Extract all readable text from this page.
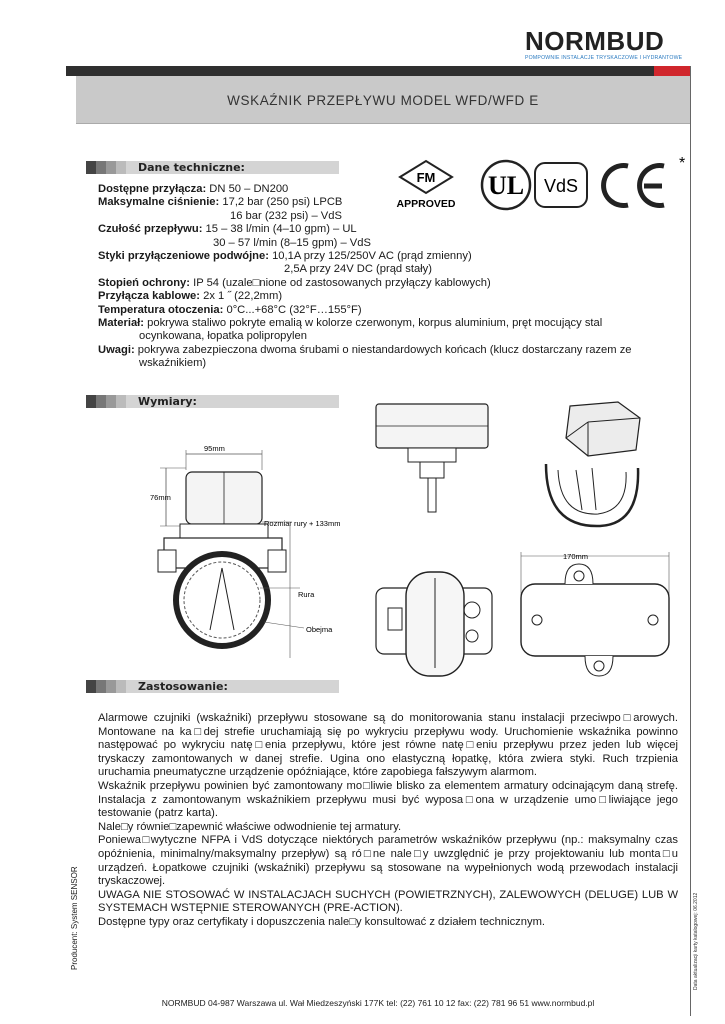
NORMBUD
POMPOWNIE INSTALACJE TRYSKACZOWE I HYDRANTOWE
WSKAŹNIK PRZEPŁYWU MODEL WFD/WFD E
Dane techniczne:
FM
APPROVED
UL VdS
*
Dostępne przyłącza: DN 50 – DN200
Maksymalne ciśnienie: 17,2 bar (250 psi) LPCB
16 bar (232 psi) – VdS
Czułość przepływu: 15 – 38 l/min (4–10 gpm) – UL
30 – 57 l/min (8–15 gpm) – VdS
Styki przyłączeniowe podwójne: 10,1A przy 125/250V AC (prąd zmienny)
2,5A przy 24V DC (prąd stały)
Stopień ochrony: IP 54 (uzale□nione od zastosowanych przyłączy kablowych)
Przyłącza kablowe: 2x 1 ˝ (22,2mm)
Temperatura otoczenia: 0°C...+68°C (32°F…155°F)
Materiał: pokrywa staliwo pokryte emalią w kolorze czerwonym, korpus aluminium, pręt mocujący stal
ocynkowana, łopatka polipropylen
Uwagi: pokrywa zabezpieczona dwoma śrubami o niestandardowych końcach (klucz dostarczany razem ze
wskaźnikiem)
Wymiary:
95mm
76mm
Rozmiar rury + 133mm
Rura
Obejma
170mm
Zastosowanie:

Alarmowe czujniki (wskaźniki) przepływu stosowane są do monitorowania stanu instalacji przeciwpo□arowych. Montowane na ka□dej strefie uruchamiają się po wykryciu przepływu wody. Uruchomienie wskaźnika powinno następować po wykryciu natę□enia przepływu, które jest równe natę□eniu przepływu przez jeden lub więcej tryskaczy zamontowanych w danej strefie. Ugina ono elastyczną łopatkę, która zwiera styki. Ruch trzpienia uruchamia pneumatyczne urządzenie opóźniające, które zapobiega fałszywym alarmom.

Wskaźnik przepływu powinien być zamontowany mo□liwie blisko za elementem armatury odcinającym daną strefę. Instalacja z zamontowanym wskaźnikiem przepływu musi być wyposa□ona w urządzenie umo□liwiające jego testowanie (patrz karta).

Nale□y równie□zapewnić właściwe odwodnienie tej armatury.

Poniewa□wytyczne NFPA i VdS dotyczące niektórych parametrów wskaźników przepływu (np.: maksymalny czas opóźnienia, minimalny/maksymalny przepływ) są ró□ne nale□y uwzględnić je przy projektowaniu lub monta□u urządzeń. Łopatkowe czujniki (wskaźniki) przepływu są stosowane na wypełnionych wodą przewodach instalacji tryskaczowej.

UWAGA NIE STOSOWAĆ W INSTALACJACH SUCHYCH (POWIETRZNYCH), ZALEWOWYCH (DELUGE) LUB W SYSTEMACH WSTĘPNIE STEROWANYCH (PRE-ACTION).

Dostępne typy oraz certyfikaty i dopuszczenia nale□y konsultować z działem technicznym.

Producent: System SENSOR	Data aktualizacji karty katalogowej: 06.2012
NORMBUD 04-987 Warszawa ul. Wał Miedzeszyński 177K tel: (22) 761 10 12 fax: (22) 781 96 51 www.normbud.pl
